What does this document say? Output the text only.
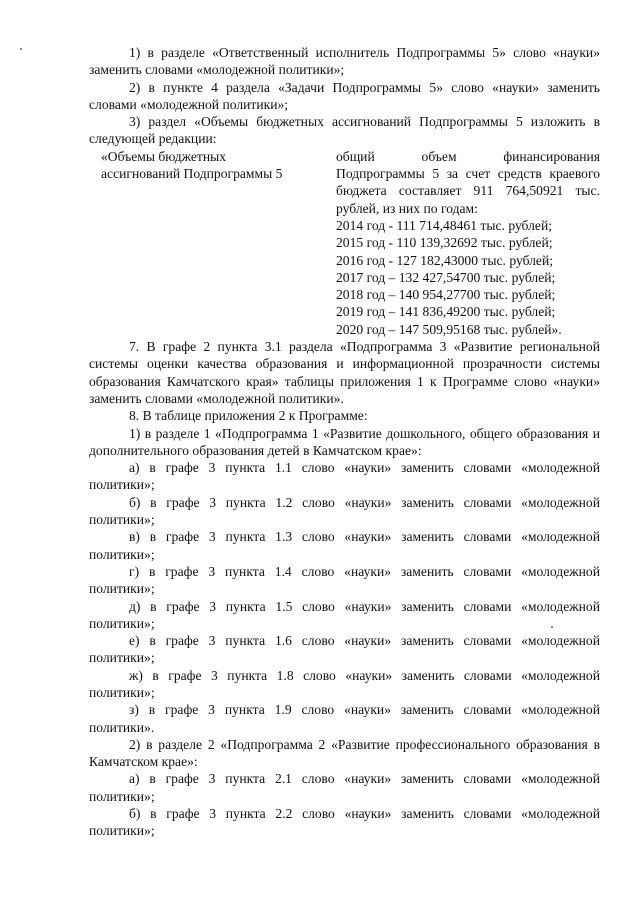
1) в разделе «Ответственный исполнитель Подпрограммы 5» слово «науки» заменить словами «молодежной политики»;

2) в пункте 4 раздела «Задачи Подпрограммы 5» слово «науки» заменить словами «молодежной политики»;

3) раздел «Объемы бюджетных ассигнований Подпрограммы 5 изложить в следующей редакции:

«Объемы бюджетных
ассигнований Подпрограммы 5

общий объем финансирования Подпрограммы 5 за счет средств краевого бюджета составляет 911 764,50921 тыс. рублей, из них по годам:

2014 год - 111 714,48461 тыс. рублей;
2015 год - 110 139,32692 тыс. рублей;
2016 год - 127 182,43000 тыс. рублей;
2017 год – 132 427,54700 тыс. рублей;
2018 год – 140 954,27700 тыс. рублей;
2019 год – 141 836,49200 тыс. рублей;
2020 год – 147 509,95168 тыс. рублей».

7. В графе 2 пункта 3.1 раздела «Подпрограмма 3 «Развитие региональной системы оценки качества образования и информационной прозрачности системы образования Камчатского края» таблицы приложения 1 к Программе слово «науки» заменить словами «молодежной политики».

8. В таблице приложения 2 к Программе:

1) в разделе 1 «Подпрограмма 1 «Развитие дошкольного, общего образования и дополнительного образования детей в Камчатском крае»:

а) в графе 3 пункта 1.1 слово «науки» заменить словами «молодежной политики»;

б) в графе 3 пункта 1.2 слово «науки» заменить словами «молодежной политики»;

в) в графе 3 пункта 1.3 слово «науки» заменить словами «молодежной политики»;

г) в графе 3 пункта 1.4 слово «науки» заменить словами «молодежной политики»;

д) в графе 3 пункта 1.5 слово «науки» заменить словами «молодежной политики»;

е) в графе 3 пункта 1.6 слово «науки» заменить словами «молодежной политики»;

ж) в графе 3 пункта 1.8 слово «науки» заменить словами «молодежной политики»;

з) в графе 3 пункта 1.9 слово «науки» заменить словами «молодежной политики».

2) в разделе 2 «Подпрограмма 2 «Развитие профессионального образования в Камчатском крае»:

а) в графе 3 пункта 2.1 слово «науки» заменить словами «молодежной политики»;

б) в графе 3 пункта 2.2 слово «науки» заменить словами «молодежной политики»;
